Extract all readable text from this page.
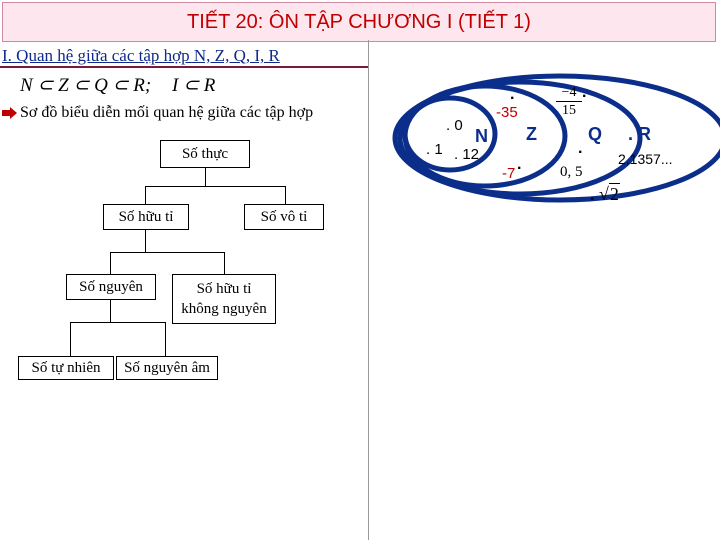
TIẾT 20: ÔN TẬP CHƯƠNG I (TIẾT 1)
I. Quan hệ giữa các tập hợp N, Z, Q, I, R
N ⊂ Z ⊂ Q ⊂ R; I ⊂ R
Sơ đồ biểu diễn mối quan hệ giữa các tập hợp
Số thực
Số hữu tỉ	Số vô tỉ
Số nguyên	Số hữu tỉ
không nguyên
Số tự nhiên	Số nguyên âm
N Z	Q . R
. 0
. 1 . 12
.
-35
-7
.
$\frac{-4}{15}$ .
.
0, 5
2,1357...
. √2
